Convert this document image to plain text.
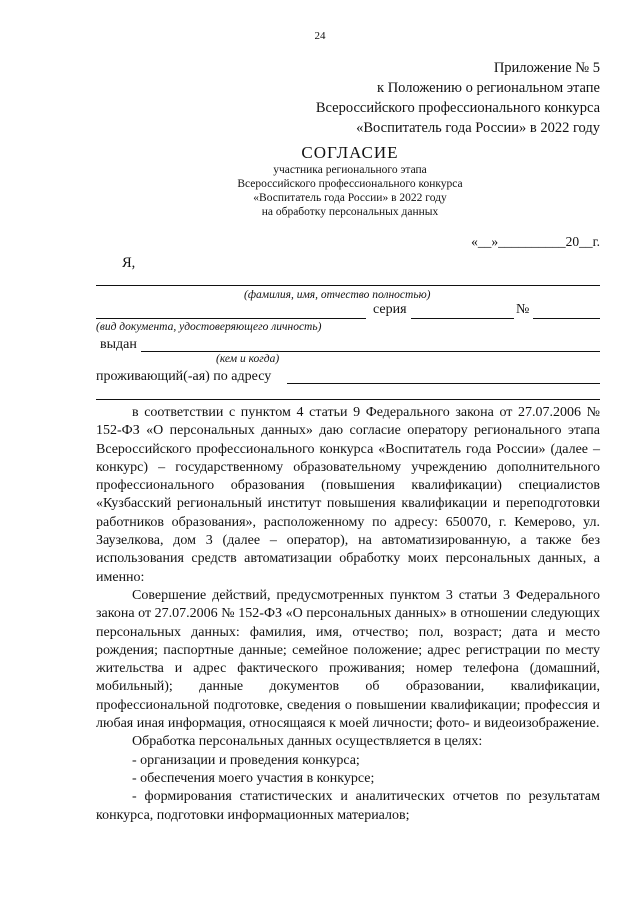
24
Приложение № 5
к Положению о региональном этапе
Всероссийского профессионального конкурса
«Воспитатель года России» в 2022 году
СОГЛАСИЕ
участника регионального этапа
Всероссийского профессионального конкурса
«Воспитатель года России» в 2022 году
на обработку персональных данных
«__»__________20__г.
Я,
(фамилия, имя, отчество полностью)
серия	№
(вид документа, удостоверяющего личность)
выдан
(кем и когда)
проживающий(-ая) по адресу

в соответствии с пунктом 4 статьи 9 Федерального закона от 27.07.2006 № 152-ФЗ «О персональных данных» даю согласие оператору регионального этапа Всероссийского профессионального конкурса «Воспитатель года России» (далее – конкурс) – государственному образовательному учреждению дополнительного профессионального образования (повышения квалификации) специалистов «Кузбасский региональный институт повышения квалификации и переподготовки работников образования», расположенному по адресу: 650070, г. Кемерово, ул. Заузелкова, дом 3 (далее – оператор), на автоматизированную, а также без использования средств автоматизации обработку моих персональных данных, а именно:

Совершение действий, предусмотренных пунктом 3 статьи 3 Федерального закона от 27.07.2006 № 152-ФЗ «О персональных данных» в отношении следующих персональных данных: фамилия, имя, отчество; пол, возраст; дата и место рождения; паспортные данные; семейное положение; адрес регистрации по месту жительства и адрес фактического проживания; номер телефона (домашний, мобильный); данные документов об образовании, квалификации, профессиональной подготовке, сведения о повышении квалификации; профессия и любая иная информация, относящаяся к моей личности; фото- и видеоизображение.

Обработка персональных данных осуществляется в целях:

- организации и проведения конкурса;

- обеспечения моего участия в конкурсе;

- формирования статистических и аналитических отчетов по результатам конкурса, подготовки информационных материалов;
